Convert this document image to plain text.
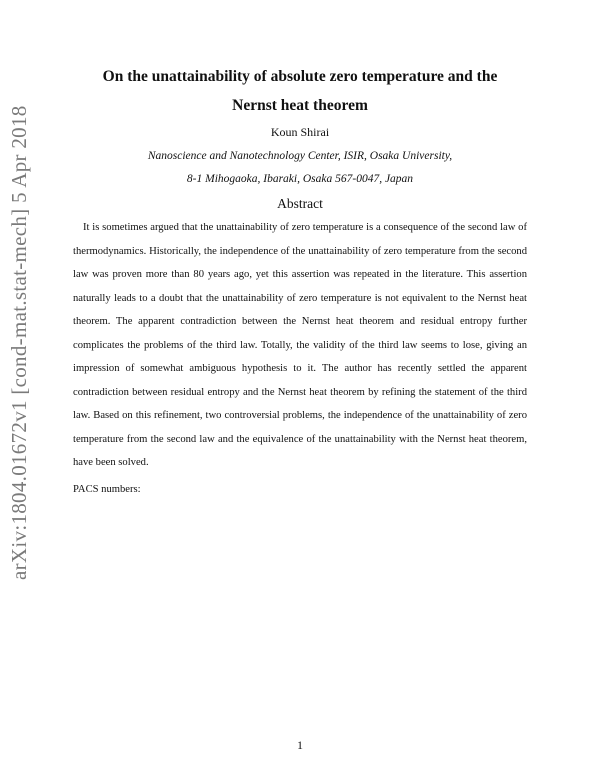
arXiv:1804.01672v1 [cond-mat.stat-mech] 5 Apr 2018
On the unattainability of absolute zero temperature and the
Nernst heat theorem
Koun Shirai
Nanoscience and Nanotechnology Center, ISIR, Osaka University,
8-1 Mihogaoka, Ibaraki, Osaka 567-0047, Japan
Abstract

It is sometimes argued that the unattainability of zero temperature is a consequence of the second law of thermodynamics. Historically, the independence of the unattainability of zero temperature from the second law was proven more than 80 years ago, yet this assertion was repeated in the literature. This assertion naturally leads to a doubt that the unattainability of zero temperature is not equivalent to the Nernst heat theorem. The apparent contradiction between the Nernst heat theorem and residual entropy further complicates the problems of the third law. Totally, the validity of the third law seems to lose, giving an impression of somewhat ambiguous hypothesis to it. The author has recently settled the apparent contradiction between residual entropy and the Nernst heat theorem by refining the statement of the third law. Based on this refinement, two controversial problems, the independence of the unattainability of zero temperature from the second law and the equivalence of the unattainability with the Nernst heat theorem, have been solved.

PACS numbers:
1
